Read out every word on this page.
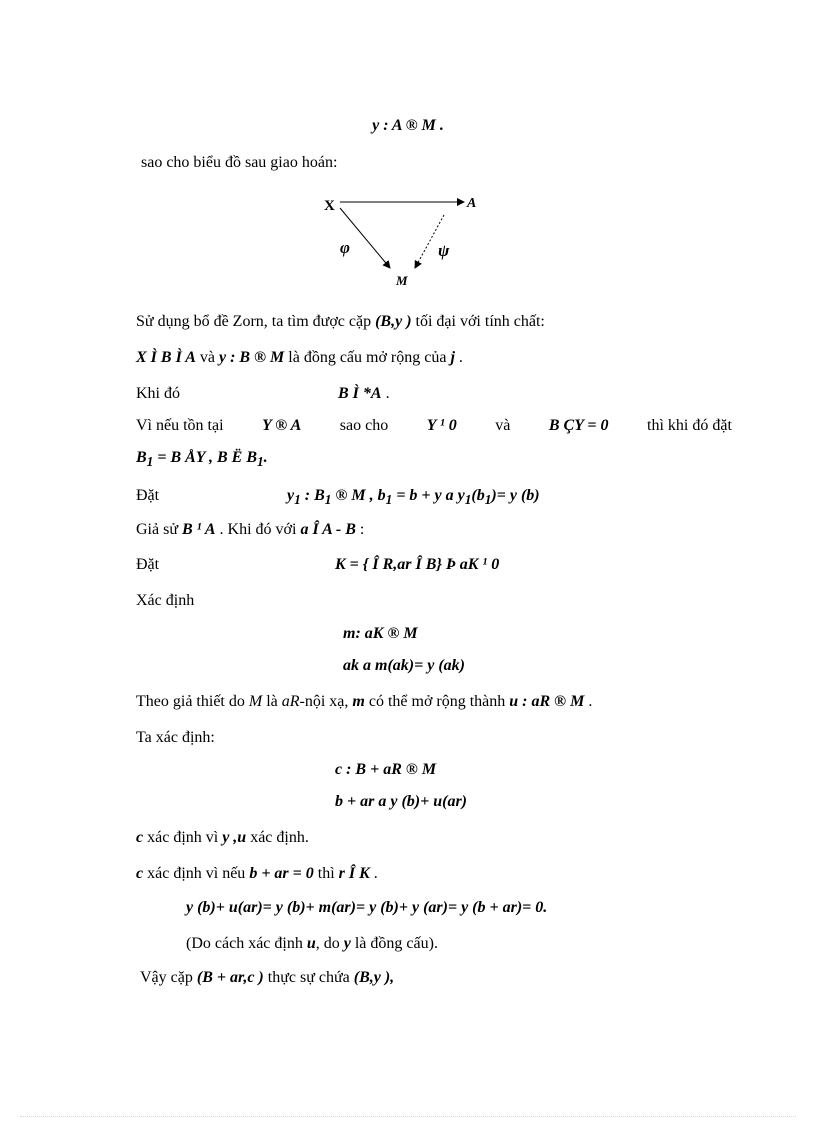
y : A ® M .
sao cho biểu đồ sau giao hoán:
X	A
M
φ	ψ
Sử dụng bổ đề Zorn, ta tìm được cặp (B,y ) tối đại với tính chất:
X Ì B Ì A và y : B ® M là đồng cấu mở rộng của j .
Khi đó	B Ì *A .
Vì nếu tồn tại Y ® A sao cho Y ¹ 0 và B ÇY = 0 thì khi đó đặt
$B_1 = B$ ÅY , B Ë $B_1$.
Đặt	$y_1$ : $B_1$ ® M , $b_1 = b + y$ a $y_1(b_1)= y$ (b)
Giả sử B ¹ A . Khi đó với a Î A - B :
Đặt	K = { Î R,ar Î B} Þ aK ¹ 0
Xác định
m: aK ® M
ak a m(ak)= y (ak)
Theo giả thiết do M là aR-nội xạ, m có thể mở rộng thành u : aR ® M .
Ta xác định:
c : B + aR ® M
b + ar a y (b)+ u(ar)
c xác định vì y ,u xác định.
c xác định vì nếu b + ar = 0 thì r Î K .
y (b)+ u(ar)= y (b)+ m(ar)= y (b)+ y (ar)= y (b + ar)= 0.
(Do cách xác định u, do y là đồng cấu).
Vậy cặp (B + ar,c ) thực sự chứa (B,y ),
